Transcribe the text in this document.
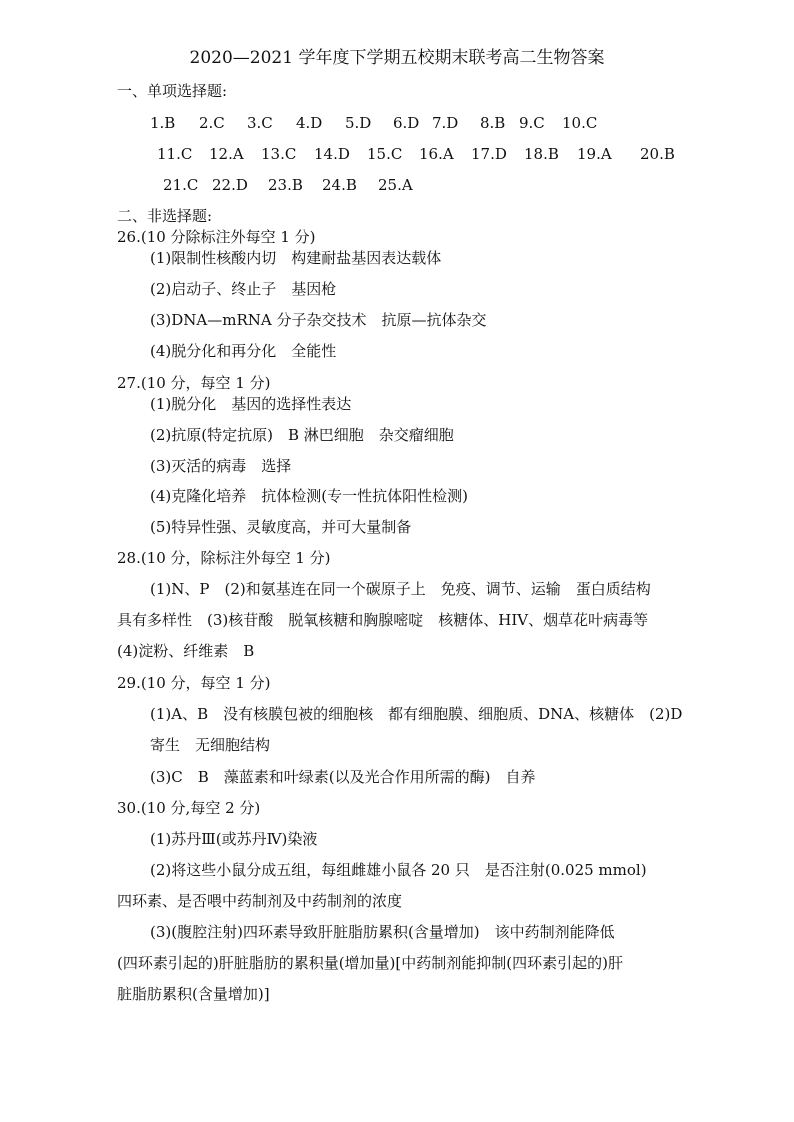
2020—2021 学年度下学期五校期末联考高二生物答案
一、单项选择题:
1.B 2.C 3.C 4.D 5.D 6.D 7.D 8.B 9.C 10.C
11.C 12.A 13.C 14.D 15.C 16.A 17.D 18.B 19.A 20.B
21.C 22.D 23.B 24.B 25.A
二、非选择题:
26.(10 分除标注外每空 1 分)
(1)限制性核酸内切　构建耐盐基因表达载体
(2)启动子、终止子　基因枪
(3)DNA—mRNA 分子杂交技术　抗原—抗体杂交
(4)脱分化和再分化　全能性
27.(10 分，每空 1 分)
(1)脱分化　基因的选择性表达
(2)抗原(特定抗原)　B 淋巴细胞　杂交瘤细胞
(3)灭活的病毒　选择
(4)克隆化培养　抗体检测(专一性抗体阳性检测)
(5)特异性强、灵敏度高，并可大量制备
28.(10 分，除标注外每空 1 分)
(1)N、P　(2)和氨基连在同一个碳原子上　免疫、调节、运输　蛋白质结构
具有多样性　(3)核苷酸　脱氧核糖和胸腺嘧啶　核糖体、HIV、烟草花叶病毒等
(4)淀粉、纤维素　B
29.(10 分，每空 1 分)
(1)A、B　没有核膜包被的细胞核　都有细胞膜、细胞质、DNA、核糖体　(2)D
寄生　无细胞结构
(3)C　B　藻蓝素和叶绿素(以及光合作用所需的酶)　自养
30.(10 分,每空 2 分)
(1)苏丹Ⅲ(或苏丹Ⅳ)染液
(2)将这些小鼠分成五组，每组雌雄小鼠各 20 只　是否注射(0.025 mmol)
四环素、是否喂中药制剂及中药制剂的浓度
(3)(腹腔注射)四环素导致肝脏脂肪累积(含量增加)　该中药制剂能降低
(四环素引起的)肝脏脂肪的累积量(增加量)[中药制剂能抑制(四环素引起的)肝
脏脂肪累积(含量增加)]
